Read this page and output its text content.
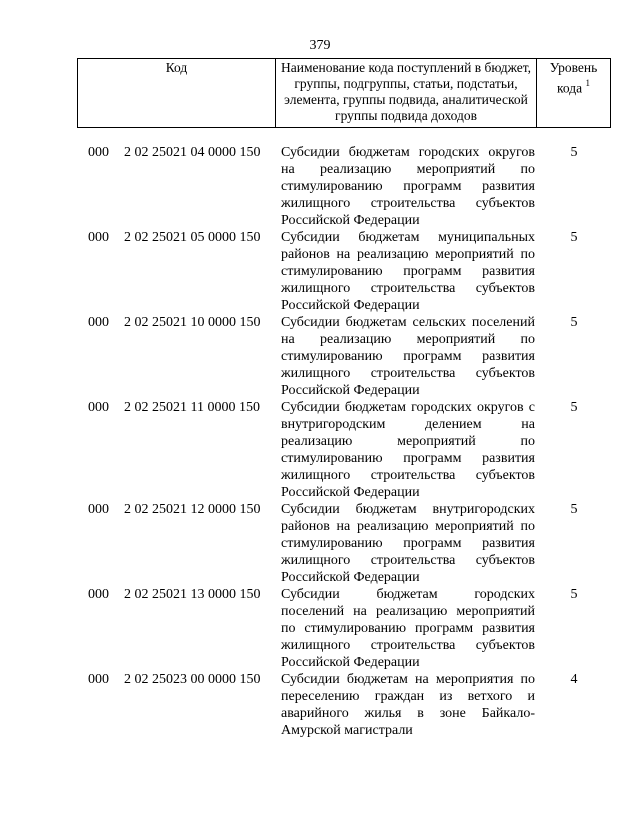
379
Код	Наименование кода поступлений в бюджет, группы, подгруппы, статьи, подстатьи, элемента, группы подвида, аналитической группы подвида доходов
Уровень кода $^1$
000 2 02 25021 04 0000 150 Субсидии бюджетам городских округов на реализацию мероприятий по стимулированию программ развития жилищного строительства субъектов Российской Федерации
5
000 2 02 25021 05 0000 150 Субсидии бюджетам муниципальных районов на реализацию мероприятий по стимулированию программ развития жилищного строительства субъектов Российской Федерации
5
000 2 02 25021 10 0000 150 Субсидии бюджетам сельских поселений на реализацию мероприятий по стимулированию программ развития жилищного строительства субъектов Российской Федерации
5
000 2 02 25021 11 0000 150 Субсидии бюджетам городских округов с внутригородским делением на реализацию мероприятий по стимулированию программ развития жилищного строительства субъектов Российской Федерации
5
000 2 02 25021 12 0000 150 Субсидии бюджетам внутригородских районов на реализацию мероприятий по стимулированию программ развития жилищного строительства субъектов Российской Федерации
5
000 2 02 25021 13 0000 150 Субсидии бюджетам городских поселений на реализацию мероприятий по стимулированию программ развития жилищного строительства субъектов Российской Федерации
5
000 2 02 25023 00 0000 150 Субсидии бюджетам на мероприятия по переселению граждан из ветхого и аварийного жилья в зоне Байкало-Амурской магистрали
4
